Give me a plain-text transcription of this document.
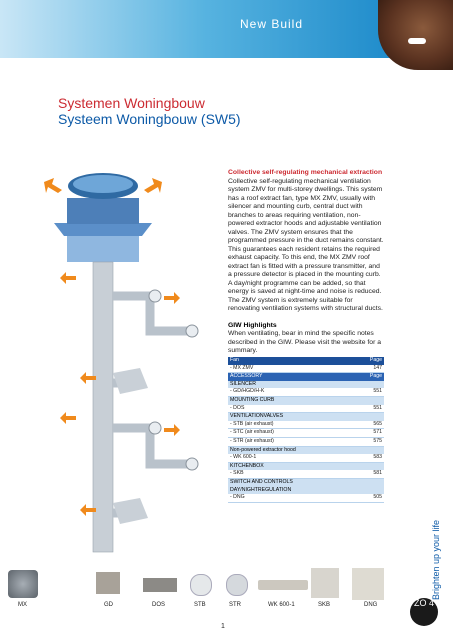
New Build
Systemen Woningbouw
Systeem Woningbouw (SW5)
Collective self-regulating mechanical extraction
Collective self-regulating mechanical ventilation system ZMV for multi-storey dwellings. This system has a roof extract fan, type MX ZMV, usually with silencer and mounting curb, central duct with branches to areas requiring ventilation, non-powered extractor hoods and adjustable ventilation valves. The ZMV system ensures that the programmed pressure in the duct remains constant. This guarantees each resident retains the required exhaust capacity. To this end, the MX ZMV roof extract fan is fitted with a pressure transmitter, and a pressure detector is placed in the mounting curb. A day/night programme can be added, so that energy is saved at night-time and noise is reduced. The ZMV system is extremely suitable for renovating ventilation systems with structural ducts.
GIW Highlights
When ventilating, bear in mind the specific notes described in the GIW. Please visit the website for a summary.
Fan	Page
- MX ZMV	147
ACCESSORY	Page
SILENCER
- GD/HGD/H-K	551
MOUNTING CURB
- DOS	551
VENTILATIONVALVES
- STB (air exhaust)	565
- STC (air exhaust)	571
- STR (air exhaust)	575
Non-powered extractor hood
- WK 600-1	583
KITCHENBOX
- SKB	581
SWITCH AND CONTROLS
DAY/NIGHTREGULATION
- DNG	505
MX	GD	DOS	STB	STR	WK 600-1	SKB	DNG
Brighten up your life
ZO 4
1
